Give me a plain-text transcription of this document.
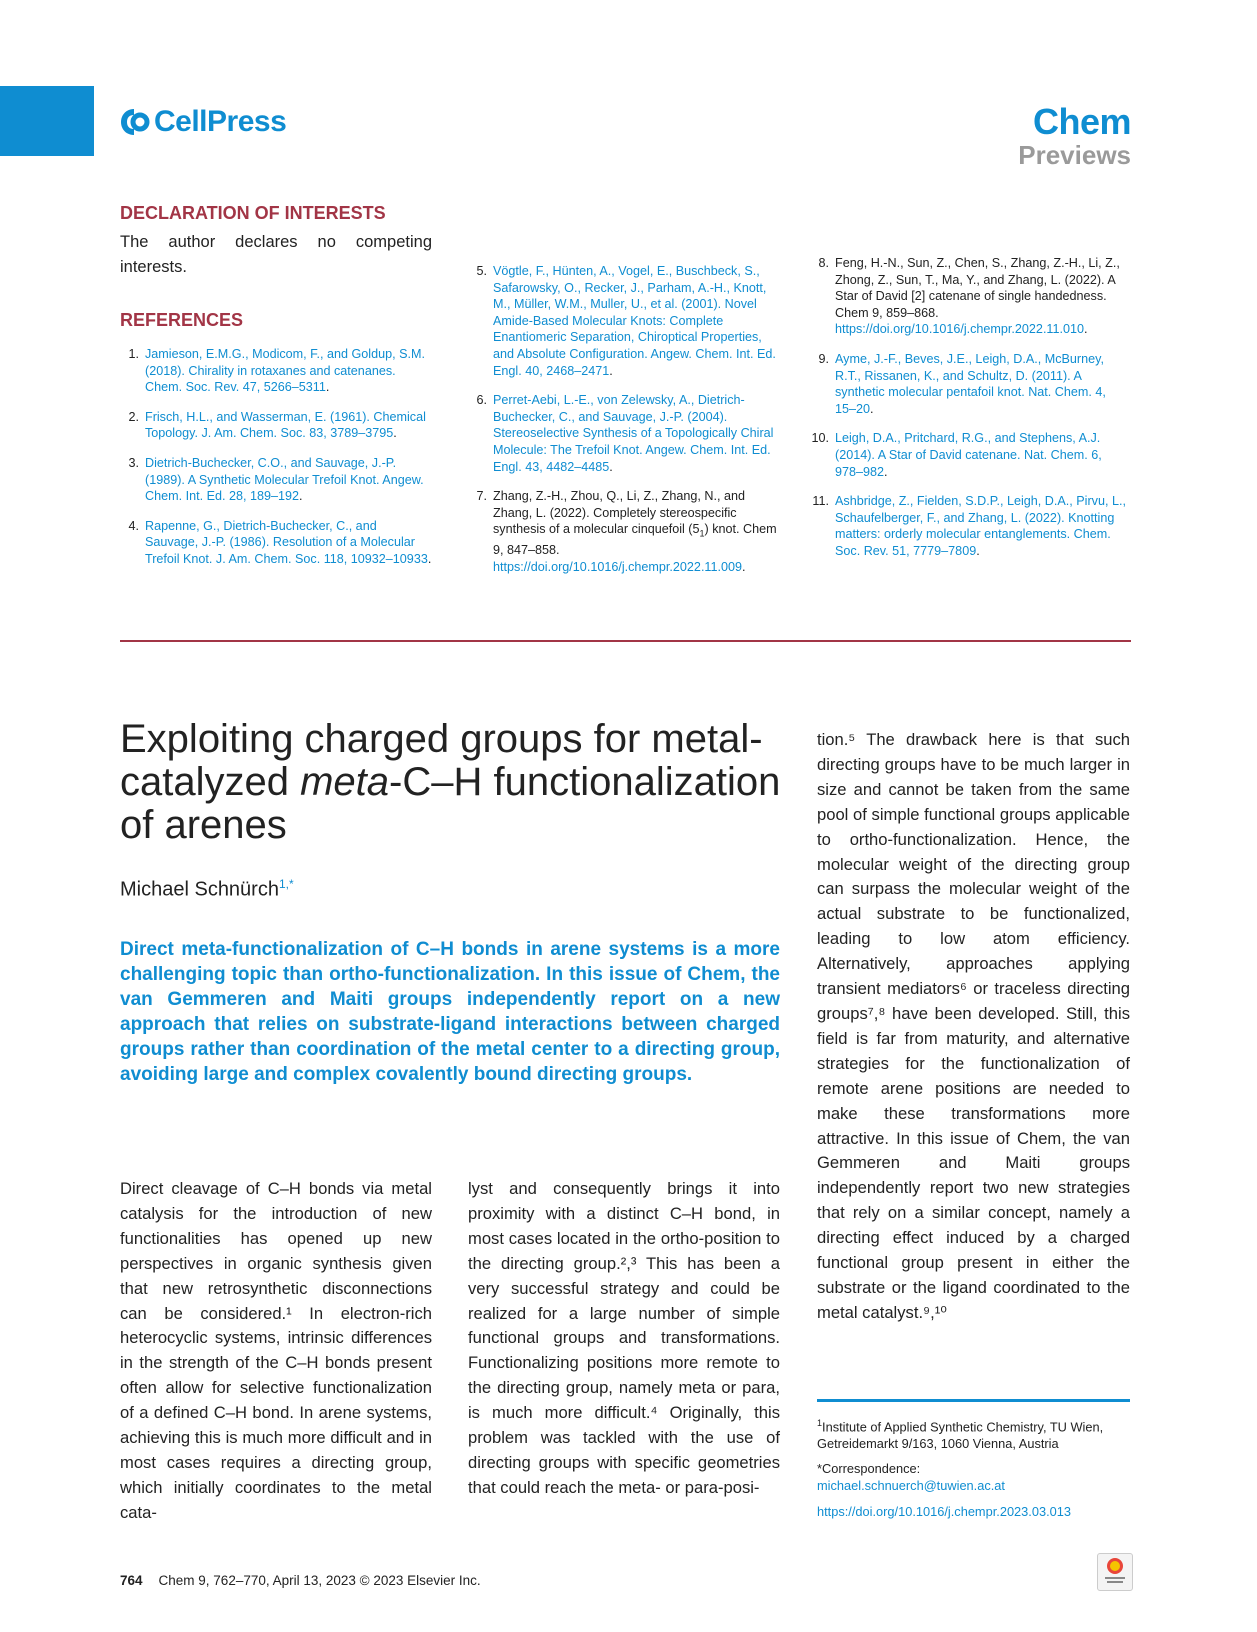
CellPress	Chem
Previews
DECLARATION OF INTERESTS
The author declares no competing interests.
REFERENCES
1. Jamieson, E.M.G., Modicom, F., and Goldup, S.M. (2018). Chirality in rotaxanes and catenanes. Chem. Soc. Rev. 47, 5266–5311.
2. Frisch, H.L., and Wasserman, E. (1961). Chemical Topology. J. Am. Chem. Soc. 83, 3789–3795.
3. Dietrich-Buchecker, C.O., and Sauvage, J.-P. (1989). A Synthetic Molecular Trefoil Knot. Angew. Chem. Int. Ed. 28, 189–192.
4. Rapenne, G., Dietrich-Buchecker, C., and Sauvage, J.-P. (1986). Resolution of a Molecular Trefoil Knot. J. Am. Chem. Soc. 118, 10932–10933.
5. Vögtle, F., Hünten, A., Vogel, E., Buschbeck, S., Safarowsky, O., Recker, J., Parham, A.-H., Knott, M., Müller, W.M., Muller, U., et al. (2001). Novel Amide-Based Molecular Knots: Complete Enantiomeric Separation, Chiroptical Properties, and Absolute Configuration. Angew. Chem. Int. Ed. Engl. 40, 2468–2471.
6. Perret-Aebi, L.-E., von Zelewsky, A., Dietrich-Buchecker, C., and Sauvage, J.-P. (2004). Stereoselective Synthesis of a Topologically Chiral Molecule: The Trefoil Knot. Angew. Chem. Int. Ed. Engl. 43, 4482–4485.
7. Zhang, Z.-H., Zhou, Q., Li, Z., Zhang, N., and Zhang, L. (2022). Completely stereospecific synthesis of a molecular cinquefoil $(5_1)$ knot. Chem 9, 847–858. https://doi.org/10.1016/j.chempr.2022.11.009.
8. Feng, H.-N., Sun, Z., Chen, S., Zhang, Z.-H., Li, Z., Zhong, Z., Sun, T., Ma, Y., and Zhang, L. (2022). A Star of David [2] catenane of single handedness. Chem 9, 859–868. https://doi.org/10.1016/j.chempr.2022.11.010.
9. Ayme, J.-F., Beves, J.E., Leigh, D.A., McBurney, R.T., Rissanen, K., and Schultz, D. (2011). A synthetic molecular pentafoil knot. Nat. Chem. 4, 15–20.
10. Leigh, D.A., Pritchard, R.G., and Stephens, A.J. (2014). A Star of David catenane. Nat. Chem. 6, 978–982.
11. Ashbridge, Z., Fielden, S.D.P., Leigh, D.A., Pirvu, L., Schaufelberger, F., and Zhang, L. (2022). Knotting matters: orderly molecular entanglements. Chem. Soc. Rev. 51, 7779–7809.
Exploiting charged groups for metal-catalyzed meta-C–H functionalization of arenes
Michael Schnürch$^{1,*}$
Direct meta-functionalization of C–H bonds in arene systems is a more challenging topic than ortho-functionalization. In this issue of Chem, the van Gemmeren and Maiti groups independently report on a new approach that relies on substrate-ligand interactions between charged groups rather than coordination of the metal center to a directing group, avoiding large and complex covalently bound directing groups.
Direct cleavage of C–H bonds via metal catalysis for the introduction of new functionalities has opened up new perspectives in organic synthesis given that new retrosynthetic disconnections can be considered.¹ In electron-rich heterocyclic systems, intrinsic differences in the strength of the C–H bonds present often allow for selective functionalization of a defined C–H bond. In arene systems, achieving this is much more difficult and in most cases requires a directing group, which initially coordinates to the metal cata-
lyst and consequently brings it into proximity with a distinct C–H bond, in most cases located in the ortho-position to the directing group.²,³ This has been a very successful strategy and could be realized for a large number of simple functional groups and transformations. Functionalizing positions more remote to the directing group, namely meta or para, is much more difficult.⁴ Originally, this problem was tackled with the use of directing groups with specific geometries that could reach the meta- or para-posi-
tion.⁵ The drawback here is that such directing groups have to be much larger in size and cannot be taken from the same pool of simple functional groups applicable to ortho-functionalization. Hence, the molecular weight of the directing group can surpass the molecular weight of the actual substrate to be functionalized, leading to low atom efficiency. Alternatively, approaches applying transient mediators⁶ or traceless directing groups⁷,⁸ have been developed. Still, this field is far from maturity, and alternative strategies for the functionalization of remote arene positions are needed to make these transformations more attractive. In this issue of Chem, the van Gemmeren and Maiti groups independently report two new strategies that rely on a similar concept, namely a directing effect induced by a charged functional group present in either the substrate or the ligand coordinated to the metal catalyst.⁹,¹⁰
$^1$Institute of Applied Synthetic Chemistry, TU Wien, Getreidemarkt 9/163, 1060 Vienna, Austria
*Correspondence:
michael.schnuerch@tuwien.ac.at
https://doi.org/10.1016/j.chempr.2023.03.013
764 Chem 9, 762–770, April 13, 2023 © 2023 Elsevier Inc.
